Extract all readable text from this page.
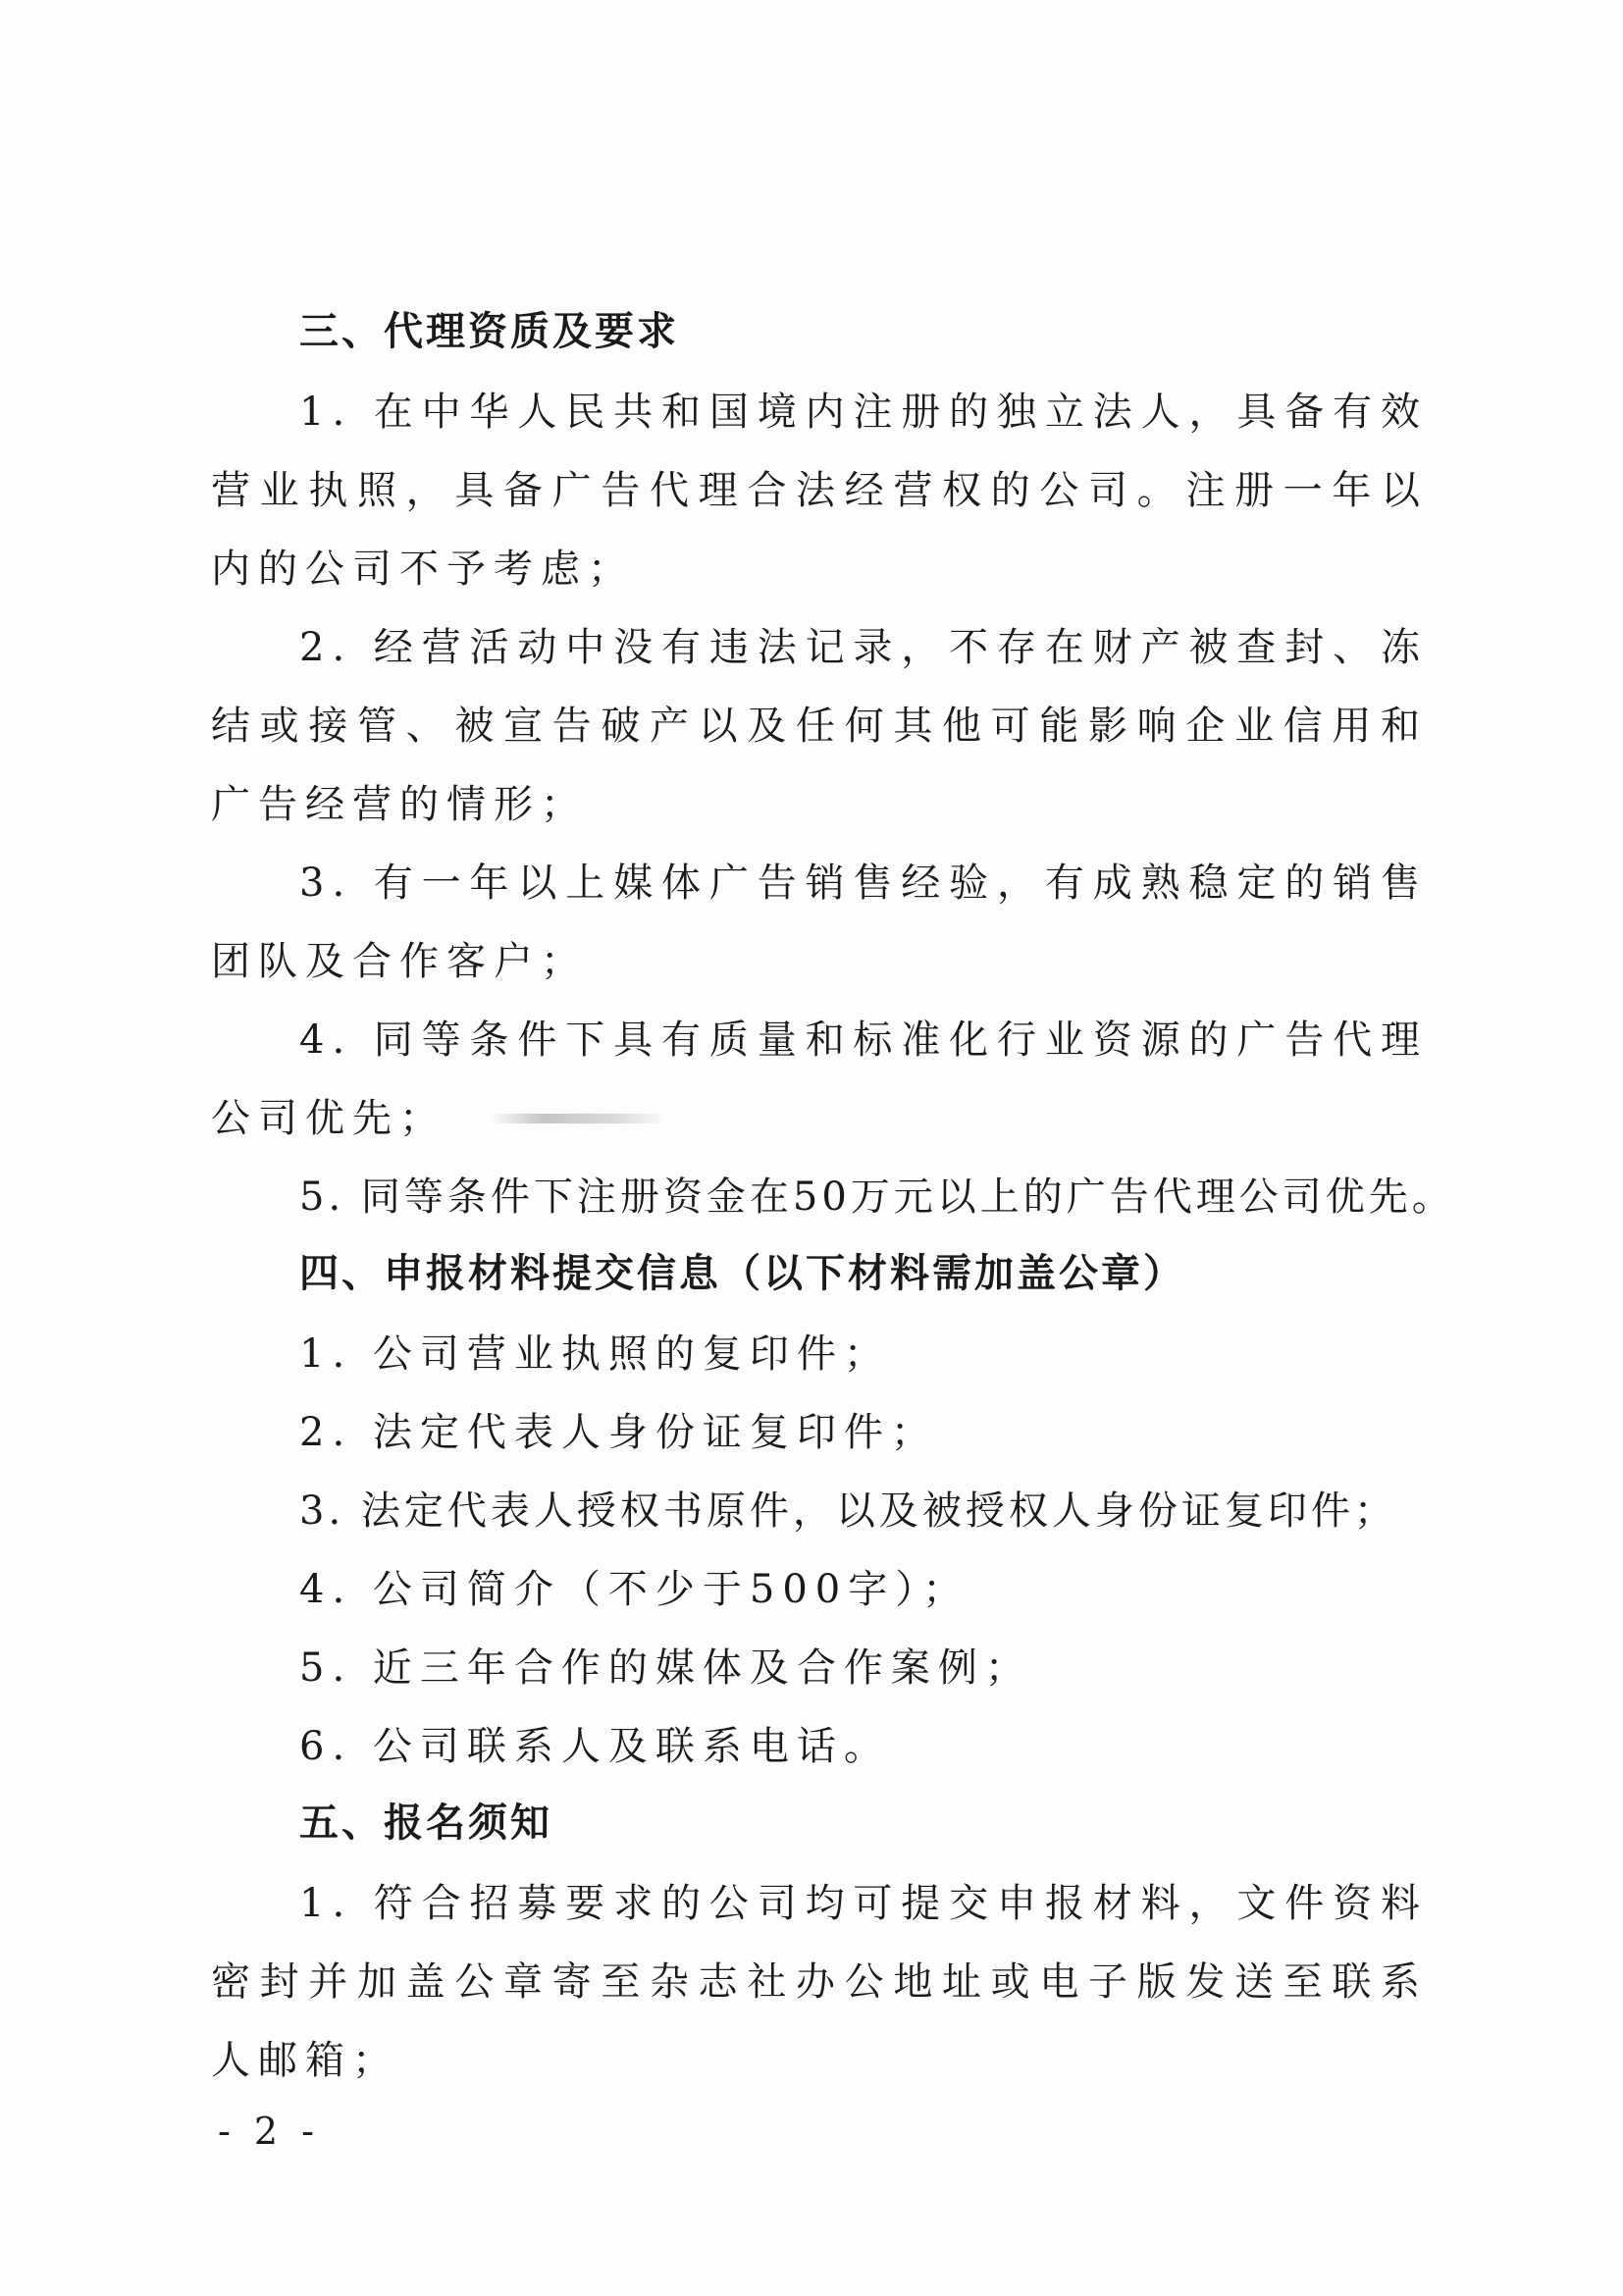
三、代理资质及要求

1. 在中华人民共和国境内注册的独立法人，具备有效营业执照，具备广告代理合法经营权的公司。注册一年以内的公司不予考虑；

2. 经营活动中没有违法记录，不存在财产被查封、冻结或接管、被宣告破产以及任何其他可能影响企业信用和广告经营的情形；

3. 有一年以上媒体广告销售经验，有成熟稳定的销售团队及合作客户；

4. 同等条件下具有质量和标准化行业资源的广告代理公司优先；

5. 同等条件下注册资金在50万元以上的广告代理公司优先。

四、申报材料提交信息（以下材料需加盖公章）

1. 公司营业执照的复印件；

2. 法定代表人身份证复印件；

3. 法定代表人授权书原件，以及被授权人身份证复印件；

4. 公司简介（不少于500字）；

5. 近三年合作的媒体及合作案例；

6. 公司联系人及联系电话。

五、报名须知

1. 符合招募要求的公司均可提交申报材料，文件资料密封并加盖公章寄至杂志社办公地址或电子版发送至联系人邮箱；

- 2 -
